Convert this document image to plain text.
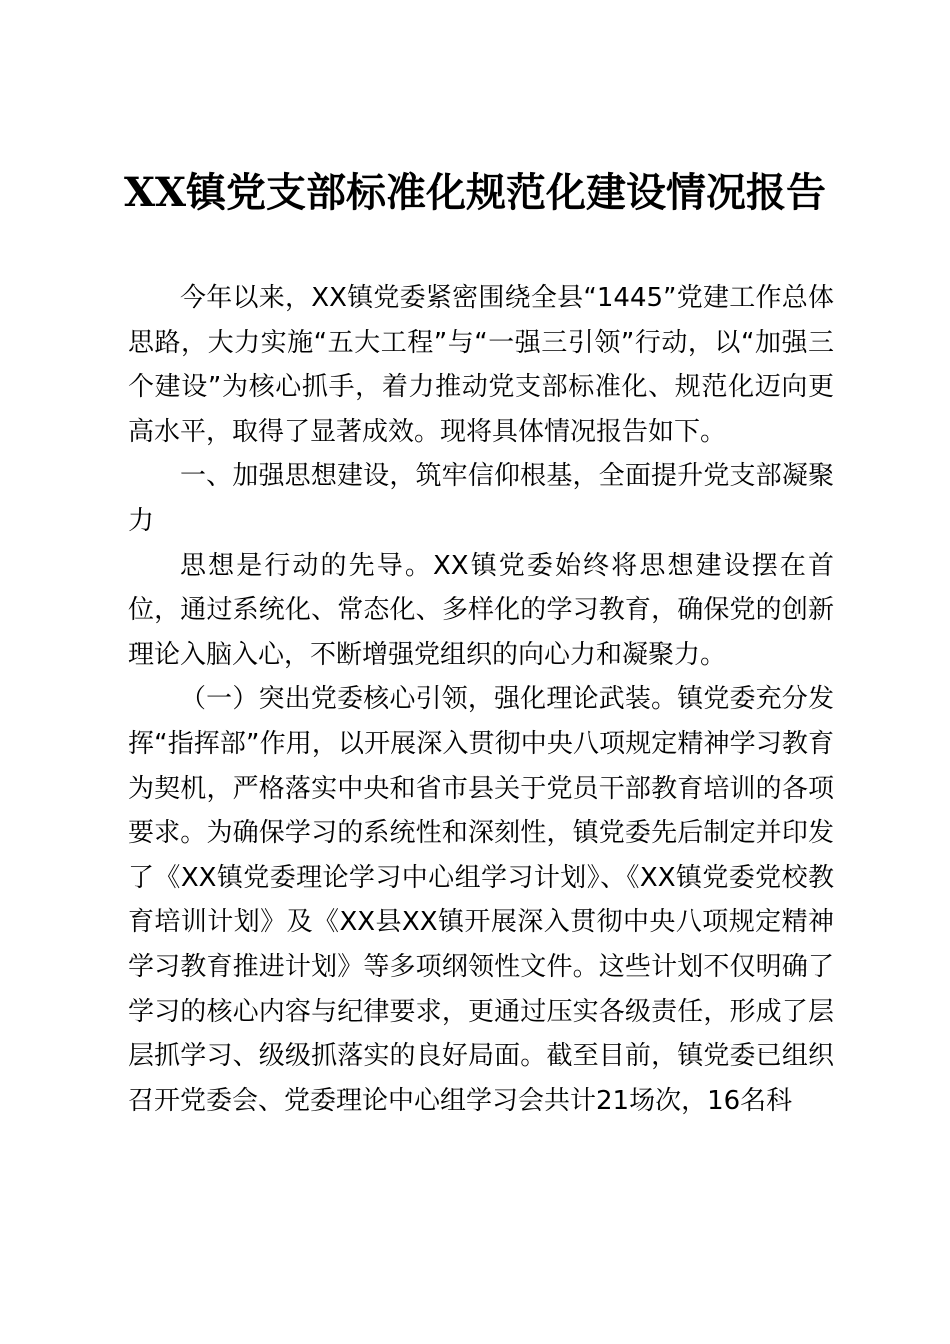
XX镇党支部标准化规范化建设情况报告

今年以来，XX镇党委紧密围绕全县“1445”党建工作总体思路，大力实施“五大工程”与“一强三引领”行动，以“加强三个建设”为核心抓手，着力推动党支部标准化、规范化迈向更高水平，取得了显著成效。现将具体情况报告如下。

一、加强思想建设，筑牢信仰根基，全面提升党支部凝聚力

思想是行动的先导。XX镇党委始终将思想建设摆在首位，通过系统化、常态化、多样化的学习教育，确保党的创新理论入脑入心，不断增强党组织的向心力和凝聚力。

（一）突出党委核心引领，强化理论武装。镇党委充分发挥“指挥部”作用，以开展深入贯彻中央八项规定精神学习教育为契机，严格落实中央和省市县关于党员干部教育培训的各项要求。为确保学习的系统性和深刻性，镇党委先后制定并印发了《XX镇党委理论学习中心组学习计划》、《XX镇党委党校教育培训计划》及《XX县XX镇开展深入贯彻中央八项规定精神学习教育推进计划》等多项纲领性文件。这些计划不仅明确了学习的核心内容与纪律要求，更通过压实各级责任，形成了层层抓学习、级级抓落实的良好局面。截至目前，镇党委已组织召开党委会、党委理论中心组学习会共计21场次，16名科
